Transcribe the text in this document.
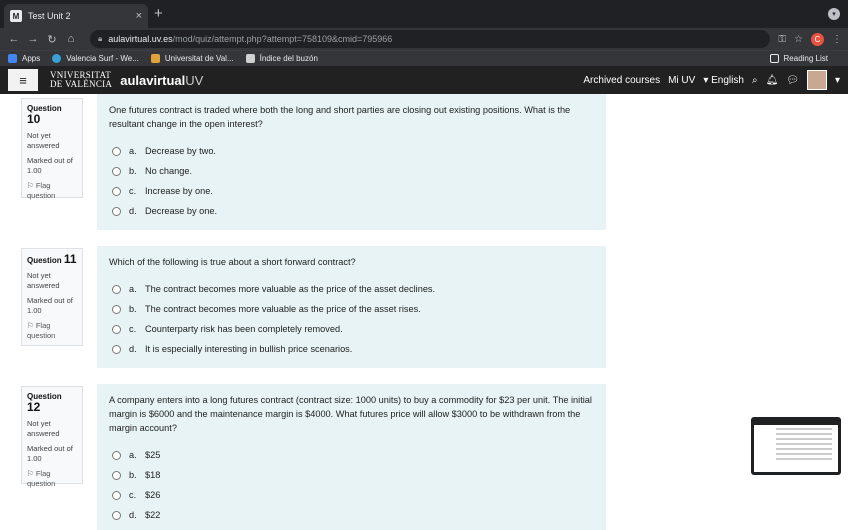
M Test Unit 2	× +	▾
← → ↻	⌂	🔒︎ aulavirtual.uv.es /mod/quiz/attempt.php?attempt=758109&cmid=795966	⚿ ☆	C	⋮
Apps	Valencia Surf - We...	Universitat de Val...	Índice del buzón	Reading List
≡	VNIVERSITAT
DE VALÈNCIA aulavirtualUV	Archived courses Mi UV ▾ English ⌕ 🔔︎ 💬︎	▾
Question 10
Not yet answered
Marked out of 1.00
⚐ Flag question
One futures contract is traded where both the long and short parties are closing out existing positions. What is the resultant change in the open interest?
a. Decrease by two.
b. No change.
c. Increase by one.
d. Decrease by one.
Question 11
Not yet answered
Marked out of 1.00
⚐ Flag question
Which of the following is true about a short forward contract?
a. The contract becomes more valuable as the price of the asset declines.
b. The contract becomes more valuable as the price of the asset rises.
c. Counterparty risk has been completely removed.
d. It is especially interesting in bullish price scenarios.
Question 12
Not yet answered
Marked out of 1.00
⚐ Flag question
A company enters into a long futures contract (contract size: 1000 units) to buy a commodity for $23 per unit. The initial margin is $6000 and the maintenance margin is $4000. What futures price will allow $3000 to be withdrawn from the margin account?
a. $25
b. $18
c. $26
d. $22
